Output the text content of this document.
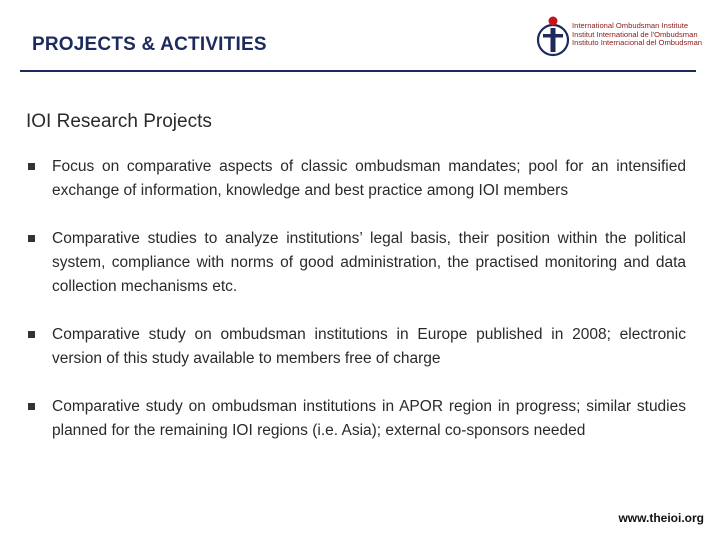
PROJECTS & ACTIVITIES
International Ombudsman Institute
Institut International de l'Ombudsman
Instituto Internacional del Ombudsman
IOI Research Projects
Focus on comparative aspects of classic ombudsman mandates; pool for an intensified exchange of information, knowledge and best practice among IOI members
Comparative studies to analyze institutions’ legal basis, their position within the political system, compliance with norms of good administration, the practised monitoring and data collection mechanisms etc.
Comparative study on ombudsman institutions in Europe published in 2008; electronic version of this study available to members free of charge
Comparative study on ombudsman institutions in APOR region in progress; similar studies planned for the remaining IOI regions (i.e. Asia); external co-sponsors needed
www.theioi.org
